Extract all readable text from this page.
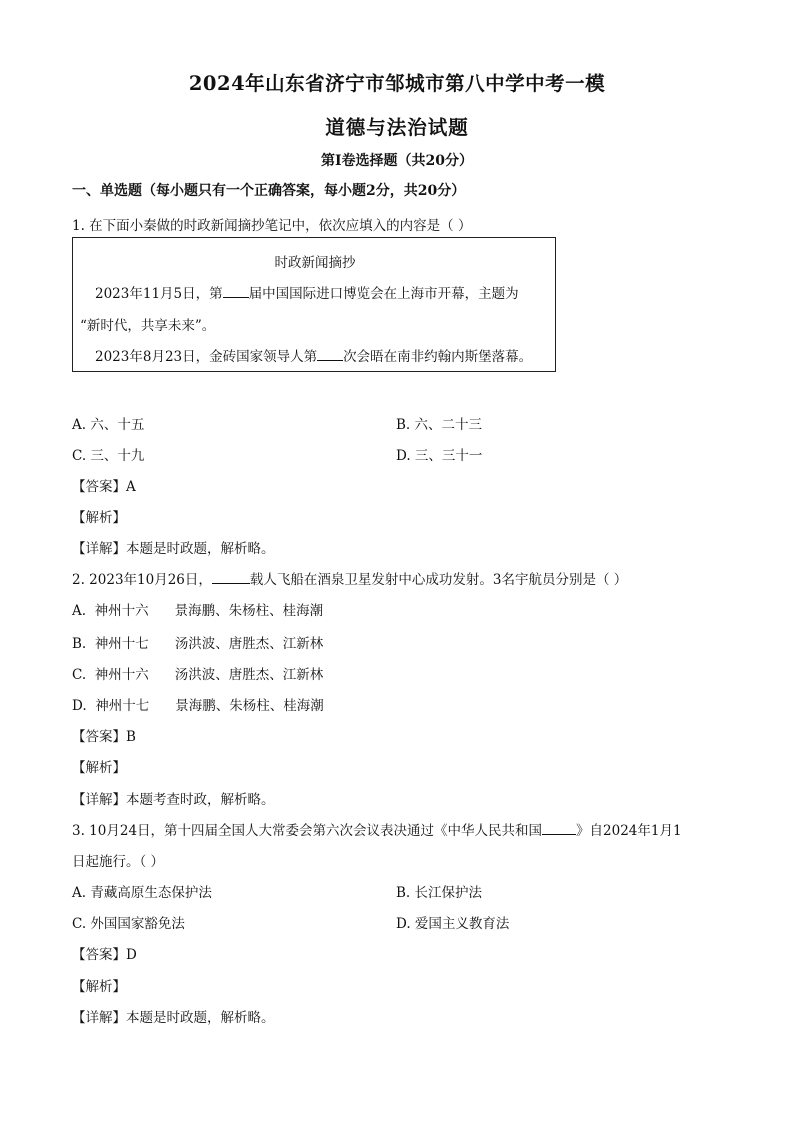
2024年山东省济宁市邹城市第八中学中考一模
道德与法治试题
第Ⅰ卷选择题（共20分）
一、单选题（每小题只有一个正确答案，每小题2分，共20分）
1. 在下面小秦做的时政新闻摘抄笔记中，依次应填入的内容是（ ）
时政新闻摘抄
2023年11月5日，第 届中国国际进口博览会在上海市开幕，主题为
“新时代，共享未来”。
2023年8月23日，金砖国家领导人第 次会晤在南非约翰内斯堡落幕。
A. 六、十五	B. 六、二十三
C. 三、十九	D. 三、三十一
【答案】A
【解析】
【详解】本题是时政题，解析略。
2. 2023年10月26日，	载人飞船在酒泉卫星发射中心成功发射。3名宇航员分别是（ ）
A. 神州十六 景海鹏、朱杨柱、桂海潮
B. 神州十七 汤洪波、唐胜杰、江新林
C. 神州十六 汤洪波、唐胜杰、江新林
D. 神州十七 景海鹏、朱杨柱、桂海潮
【答案】B
【解析】
【详解】本题考查时政，解析略。
3. 10月24日，第十四届全国人大常委会第六次会议表决通过《中华人民共和国	》自2024年1月1
日起施行。（ ）
A. 青藏高原生态保护法	B. 长江保护法
C. 外国国家豁免法	D. 爱国主义教育法
【答案】D
【解析】
【详解】本题是时政题，解析略。
